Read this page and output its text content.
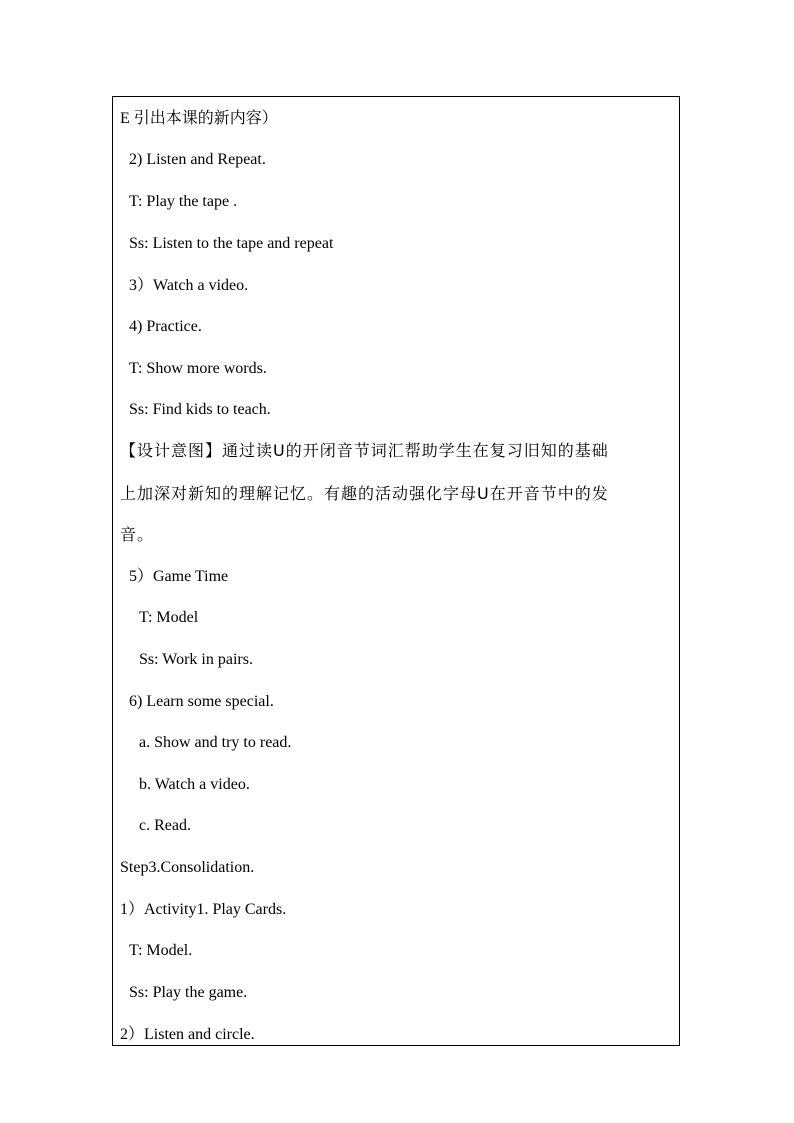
E 引出本课的新内容）
2) Listen and Repeat.
T: Play the tape .
Ss: Listen to the tape and repeat
3）Watch a video.
4) Practice.
T: Show more words.
Ss: Find kids to teach.
【设计意图】通过读U的开闭音节词汇帮助学生在复习旧知的基础
上加深对新知的理解记忆。有趣的活动强化字母U在开音节中的发
音。
5）Game Time
T: Model
Ss: Work in pairs.
6) Learn some special.
a. Show and try to read.
b. Watch a video.
c. Read.
Step3.Consolidation.
1）Activity1. Play Cards.
T: Model.
Ss: Play the game.
2）Listen and circle.
